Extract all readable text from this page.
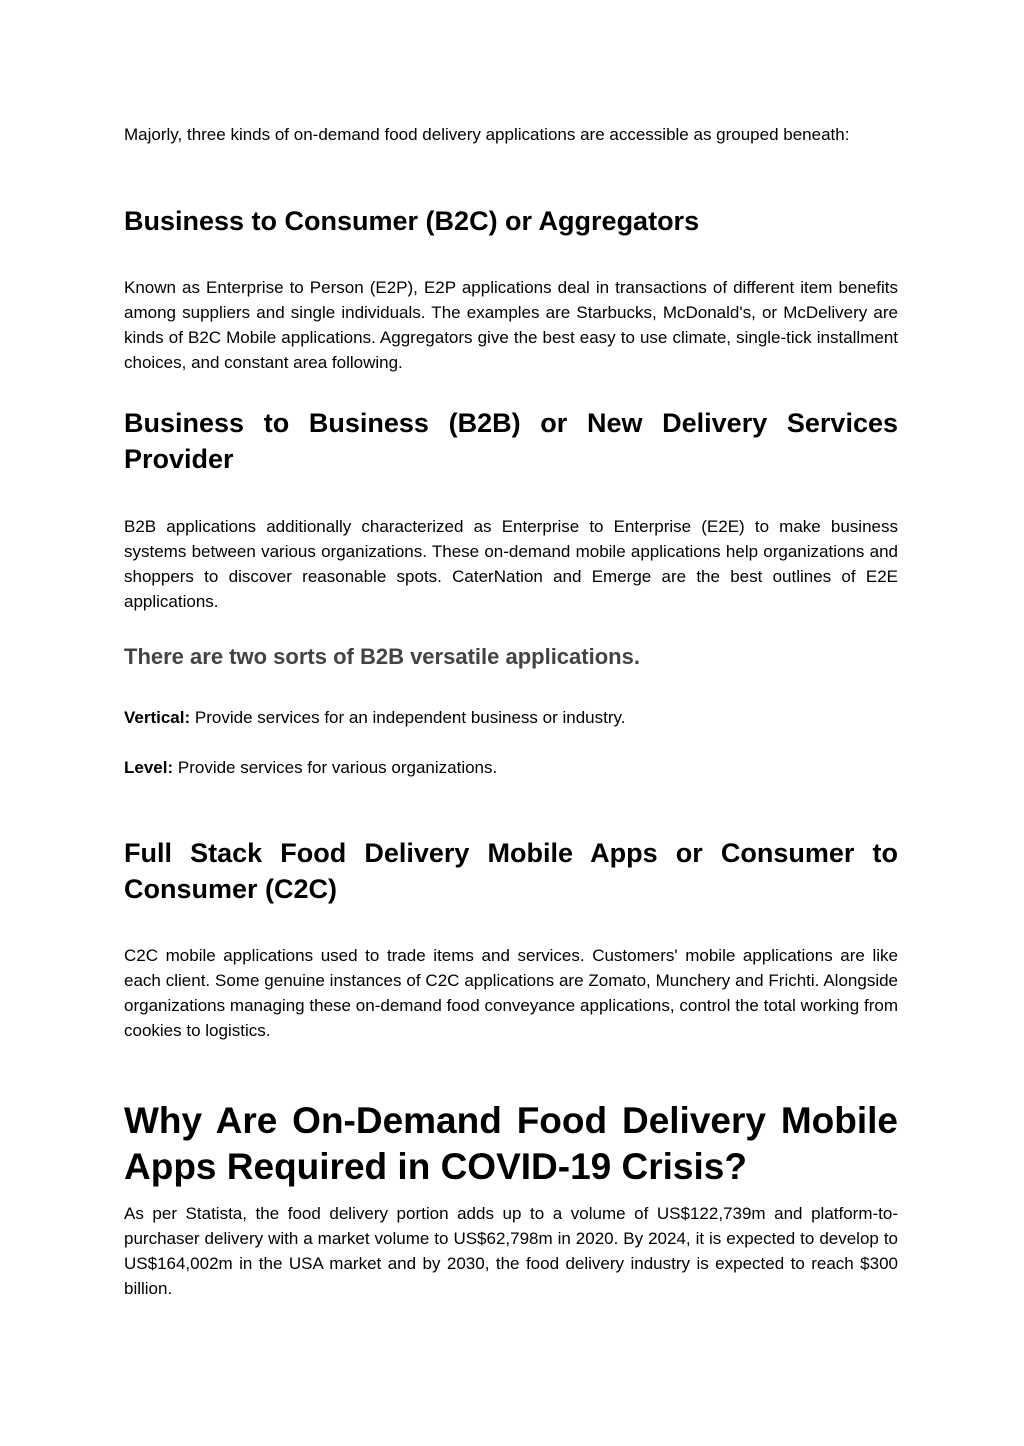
Majorly, three kinds of on-demand food delivery applications are accessible as grouped beneath:

Business to Consumer (B2C) or Aggregators

Known as Enterprise to Person (E2P), E2P applications deal in transactions of different item benefits among suppliers and single individuals. The examples are Starbucks, McDonald's, or McDelivery are kinds of B2C Mobile applications. Aggregators give the best easy to use climate, single-tick installment choices, and constant area following.

Business to Business (B2B) or New Delivery Services Provider

B2B applications additionally characterized as Enterprise to Enterprise (E2E) to make business systems between various organizations. These on-demand mobile applications help organizations and shoppers to discover reasonable spots. CaterNation and Emerge are the best outlines of E2E applications.

There are two sorts of B2B versatile applications.

Vertical: Provide services for an independent business or industry.

Level: Provide services for various organizations.

Full Stack Food Delivery Mobile Apps or Consumer to Consumer (C2C)

C2C mobile applications used to trade items and services. Customers' mobile applications are like each client. Some genuine instances of C2C applications are Zomato, Munchery and Frichti. Alongside organizations managing these on-demand food conveyance applications, control the total working from cookies to logistics.

Why Are On-Demand Food Delivery Mobile Apps Required in COVID-19 Crisis?

As per Statista, the food delivery portion adds up to a volume of US$122,739m and platform-to-purchaser delivery with a market volume to US$62,798m in 2020. By 2024, it is expected to develop to US$164,002m in the USA market and by 2030, the food delivery industry is expected to reach $300 billion.
